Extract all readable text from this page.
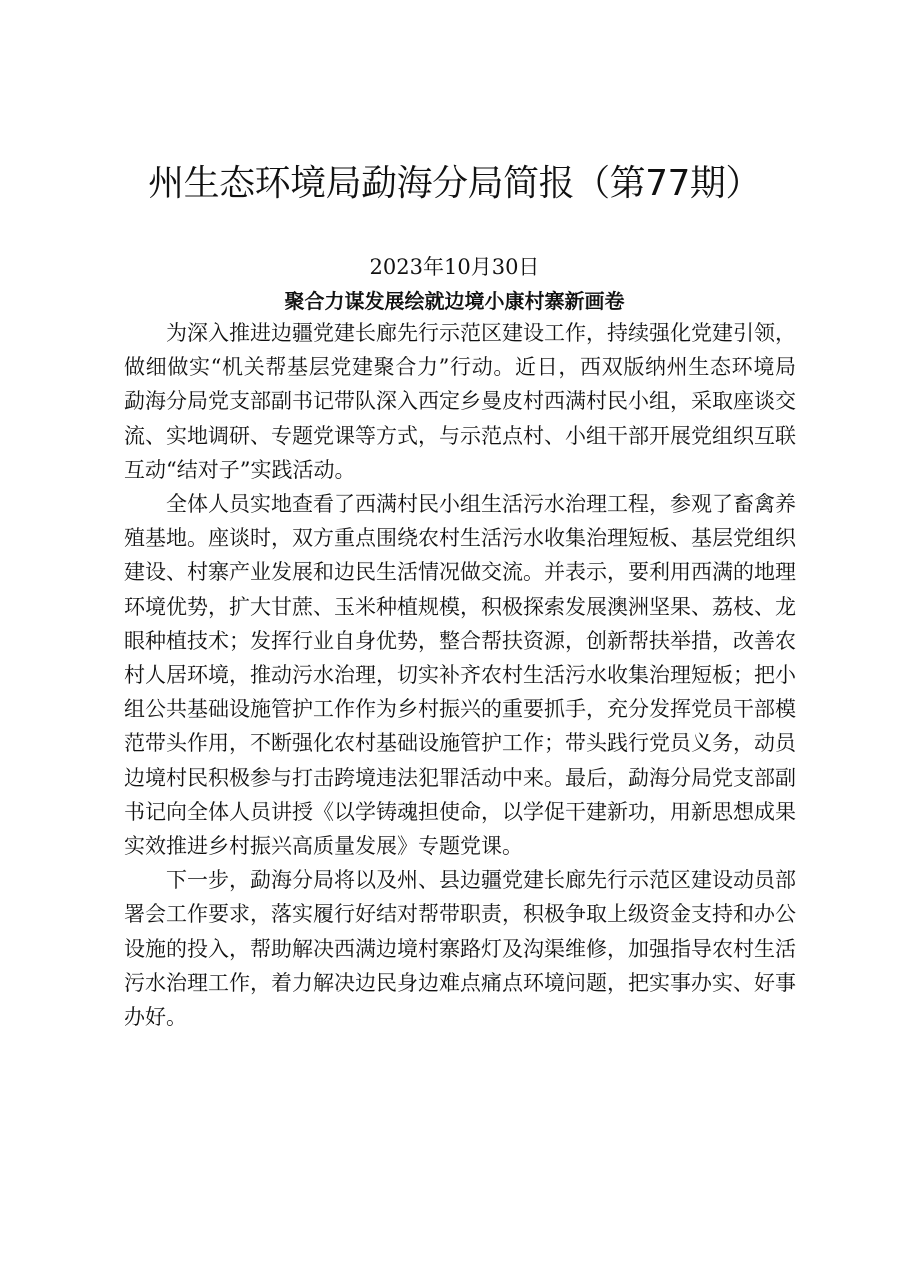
州生态环境局勐海分局简报（第77期）

2023年10月30日

聚合力谋发展绘就边境小康村寨新画卷

为深入推进边疆党建长廊先行示范区建设工作，持续强化党建引领，做细做实“机关帮基层党建聚合力”行动。近日，西双版纳州生态环境局勐海分局党支部副书记带队深入西定乡曼皮村西满村民小组，采取座谈交流、实地调研、专题党课等方式，与示范点村、小组干部开展党组织互联互动“结对子”实践活动。

全体人员实地查看了西满村民小组生活污水治理工程，参观了畜禽养殖基地。座谈时，双方重点围绕农村生活污水收集治理短板、基层党组织建设、村寨产业发展和边民生活情况做交流。并表示，要利用西满的地理环境优势，扩大甘蔗、玉米种植规模，积极探索发展澳洲坚果、荔枝、龙眼种植技术；发挥行业自身优势，整合帮扶资源，创新帮扶举措，改善农村人居环境，推动污水治理，切实补齐农村生活污水收集治理短板；把小组公共基础设施管护工作作为乡村振兴的重要抓手，充分发挥党员干部模范带头作用，不断强化农村基础设施管护工作；带头践行党员义务，动员边境村民积极参与打击跨境违法犯罪活动中来。最后，勐海分局党支部副书记向全体人员讲授《以学铸魂担使命，以学促干建新功，用新思想成果实效推进乡村振兴高质量发展》专题党课。

下一步，勐海分局将以及州、县边疆党建长廊先行示范区建设动员部署会工作要求，落实履行好结对帮带职责，积极争取上级资金支持和办公设施的投入，帮助解决西满边境村寨路灯及沟渠维修，加强指导农村生活污水治理工作，着力解决边民身边难点痛点环境问题，把实事办实、好事办好。
